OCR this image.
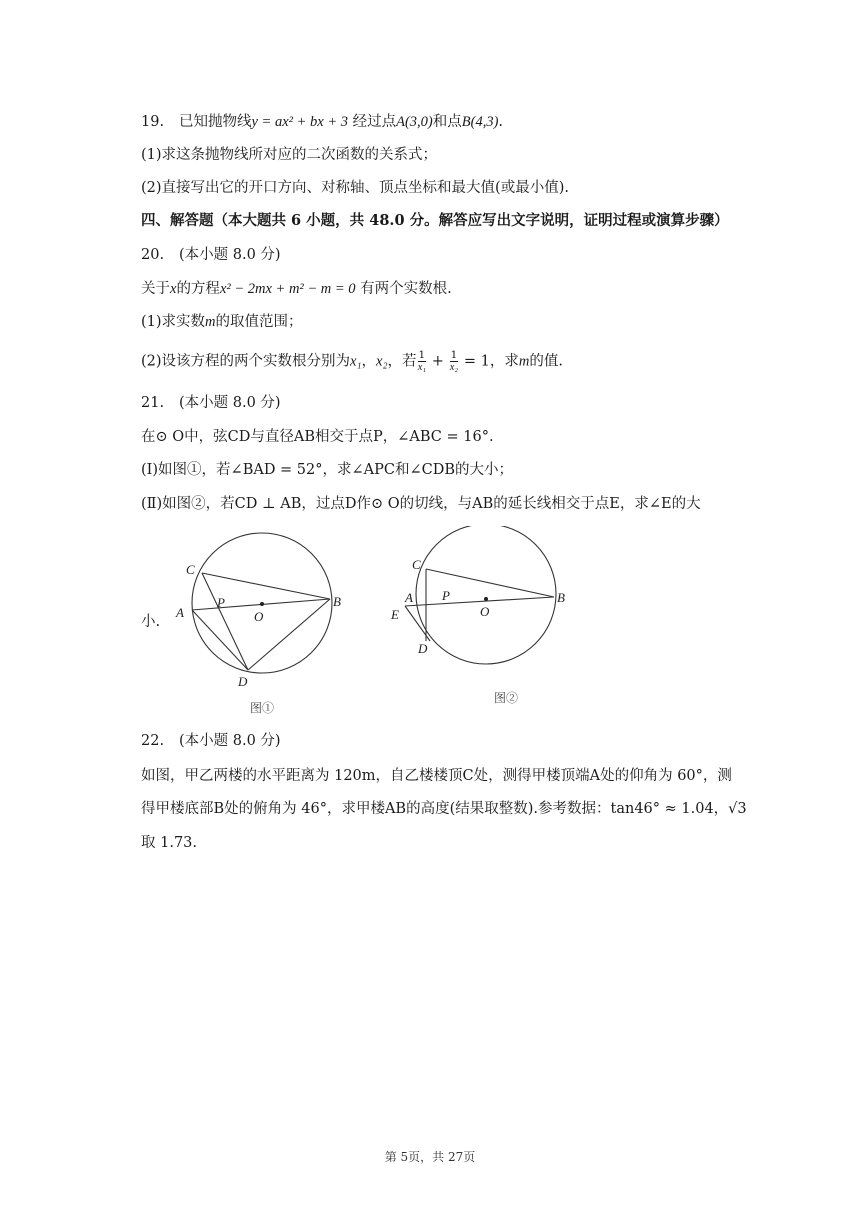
19. 已知抛物线y = ax² + bx + 3 经过点A(3,0)和点B(4,3).
(1)求这条抛物线所对应的二次函数的关系式；
(2)直接写出它的开口方向、对称轴、顶点坐标和最大值(或最小值).
四、解答题（本大题共 6 小题，共 48.0 分。解答应写出文字说明，证明过程或演算步骤）
20. (本小题 8.0 分)
关于x的方程x² − 2mx + m² − m = 0 有两个实数根.
(1)求实数m的取值范围；
(2)设该方程的两个实数根分别为x₁，x₂，若 $\frac{1}{\text{x₁}} + \frac{1}{\text{x₂}} = 1$，求m的值.
21. (本小题 8.0 分)
在⊙ O中，弦CD与直径AB相交于点P，∠ABC = 16°.
(Ⅰ)如图①，若∠BAD = 52°，求∠APC和∠CDB的大小；
(Ⅱ)如图②，若CD ⊥ AB，过点D作⊙ O的切线，与AB的延长线相交于点E，求∠E的大
小.
C
A
P
O
B
D
图①
C
A
E
P
O
B
D
图②
22. (本小题 8.0 分)
如图，甲乙两楼的水平距离为 120m，自乙楼楼顶C处，测得甲楼顶端A处的仰角为 60°，测
得甲楼底部B处的俯角为 46°，求甲楼AB的高度(结果取整数).参考数据：tan46° ≈ 1.04，√3
取 1.73.
第 5页，共 27页
